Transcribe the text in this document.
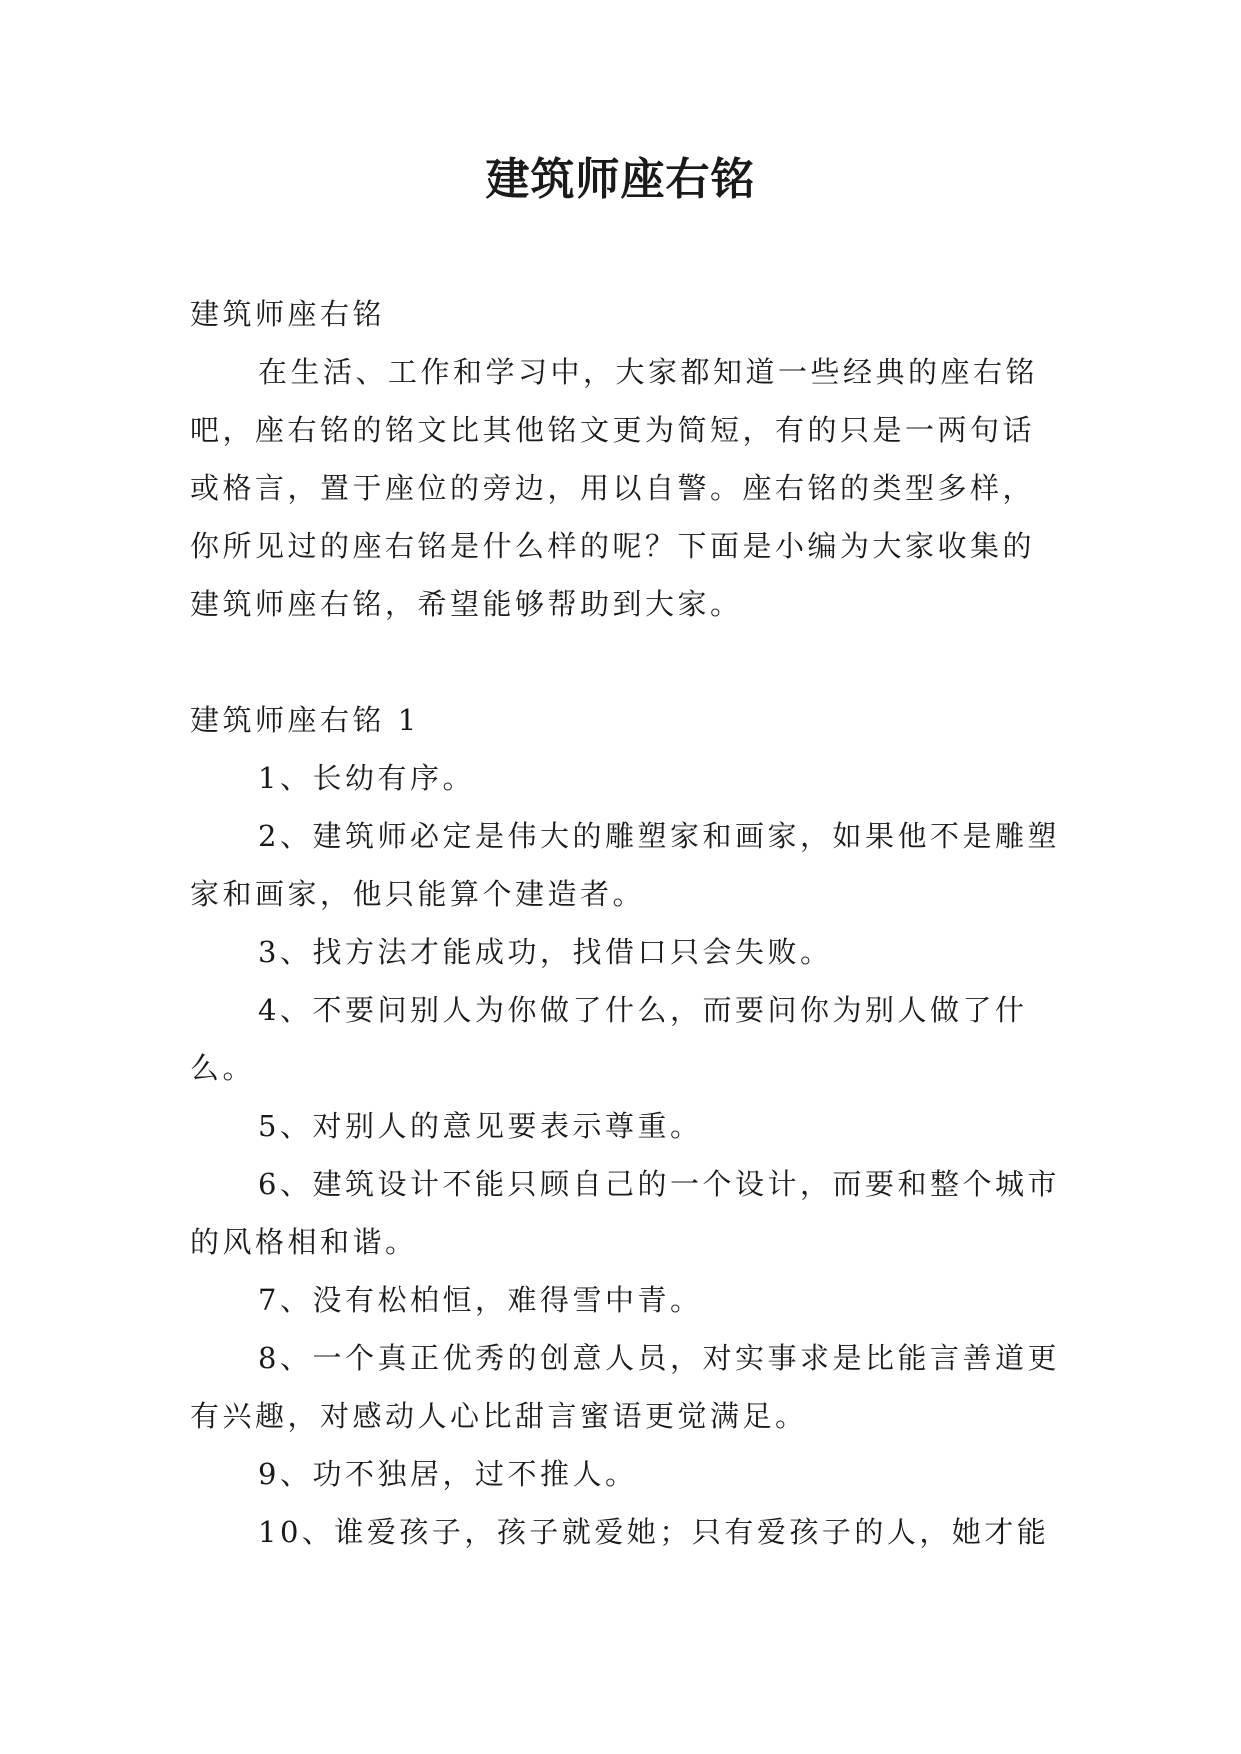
建筑师座右铭

建筑师座右铭

在生活、工作和学习中，大家都知道一些经典的座右铭吧，座右铭的铭文比其他铭文更为简短，有的只是一两句话或格言，置于座位的旁边，用以自警。座右铭的类型多样，你所见过的座右铭是什么样的呢？下面是小编为大家收集的建筑师座右铭，希望能够帮助到大家。

建筑师座右铭 1

1、长幼有序。

2、建筑师必定是伟大的雕塑家和画家，如果他不是雕塑家和画家，他只能算个建造者。

3、找方法才能成功，找借口只会失败。

4、不要问别人为你做了什么，而要问你为别人做了什么。

5、对别人的意见要表示尊重。

6、建筑设计不能只顾自己的一个设计，而要和整个城市的风格相和谐。

7、没有松柏恒，难得雪中青。

8、一个真正优秀的创意人员，对实事求是比能言善道更有兴趣，对感动人心比甜言蜜语更觉满足。

9、功不独居，过不推人。

10、谁爱孩子，孩子就爱她；只有爱孩子的人，她才能
